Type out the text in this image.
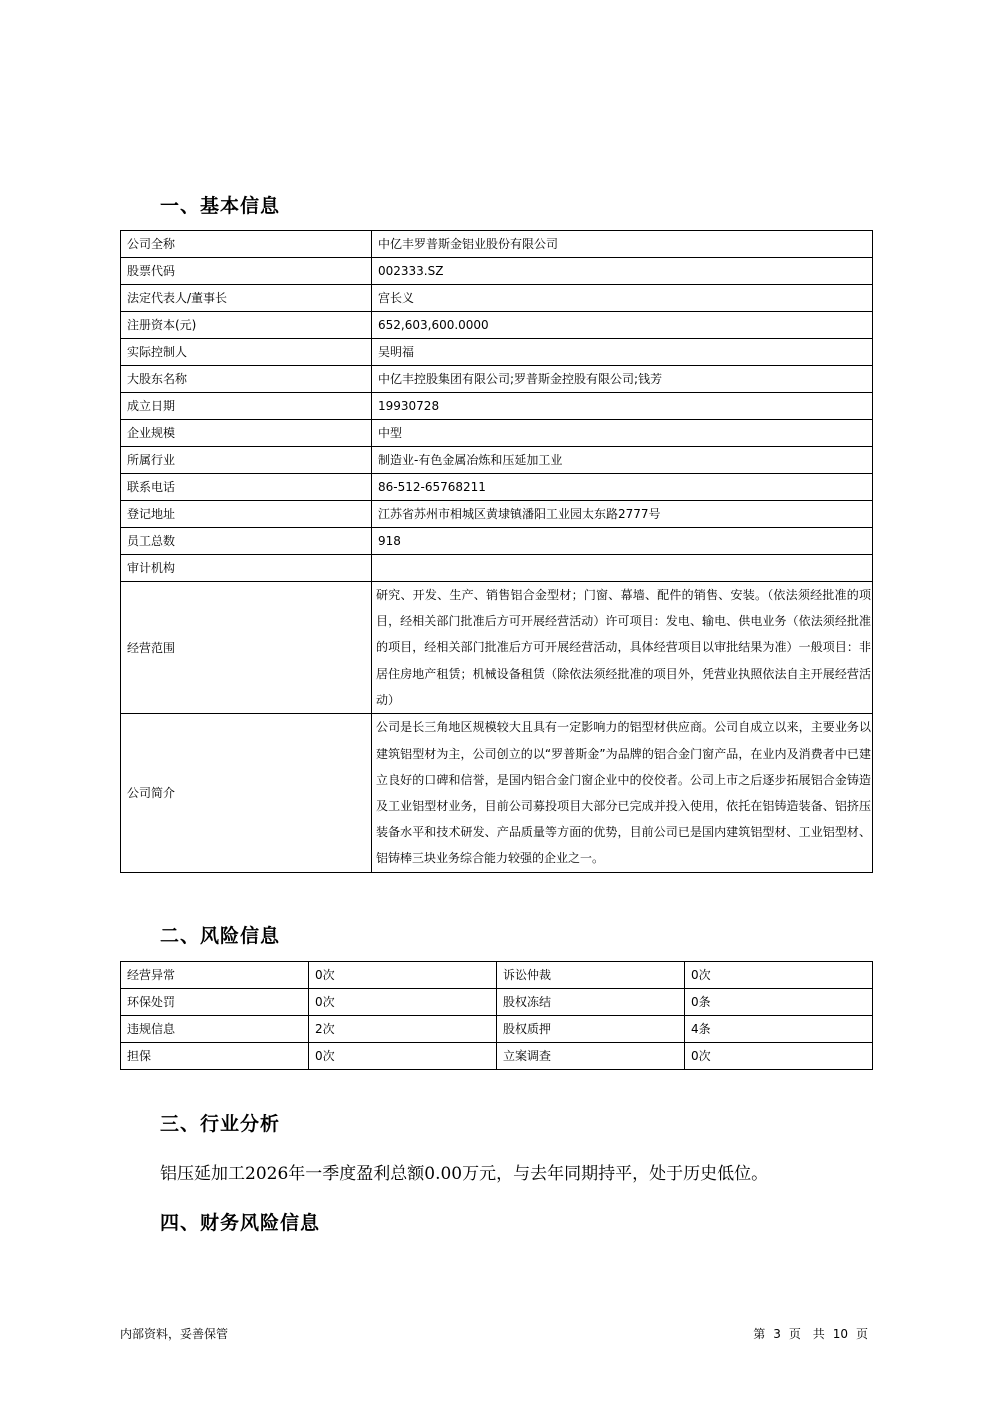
一、基本信息
公司全称	中亿丰罗普斯金铝业股份有限公司
股票代码	002333.SZ
法定代表人/董事长	宫长义
注册资本(元)	652,603,600.0000
实际控制人	吴明福
大股东名称	中亿丰控股集团有限公司;罗普斯金控股有限公司;钱芳
成立日期	19930728
企业规模	中型
所属行业	制造业-有色金属冶炼和压延加工业
联系电话	86-512-65768211
登记地址	江苏省苏州市相城区黄埭镇潘阳工业园太东路2777号
员工总数	918
审计机构	
经营范围	研究、开发、生产、销售铝合金型材；门窗、幕墙、配件的销售、安装。（依法须经批准的项目，经相关部门批准后方可开展经营活动）许可项目：发电、输电、供电业务（依法须经批准的项目，经相关部门批准后方可开展经营活动，具体经营项目以审批结果为准）一般项目：非居住房地产租赁；机械设备租赁（除依法须经批准的项目外，凭营业执照依法自主开展经营活动）
公司简介	公司是长三角地区规模较大且具有一定影响力的铝型材供应商。公司自成立以来，主要业务以建筑铝型材为主，公司创立的以“罗普斯金”为品牌的铝合金门窗产品，在业内及消费者中已建立良好的口碑和信誉，是国内铝合金门窗企业中的佼佼者。公司上市之后逐步拓展铝合金铸造及工业铝型材业务，目前公司募投项目大部分已完成并投入使用，依托在铝铸造装备、铝挤压装备水平和技术研发、产品质量等方面的优势，目前公司已是国内建筑铝型材、工业铝型材、铝铸棒三块业务综合能力较强的企业之一。
二、风险信息
经营异常	0次	诉讼仲裁	0次
环保处罚	0次	股权冻结	0条
违规信息	2次	股权质押	4条
担保	0次	立案调查	0次
三、行业分析

铝压延加工2026年一季度盈利总额0.00万元，与去年同期持平，处于历史低位。

四、财务风险信息
内部资料，妥善保管	第 3 页 共 10 页
